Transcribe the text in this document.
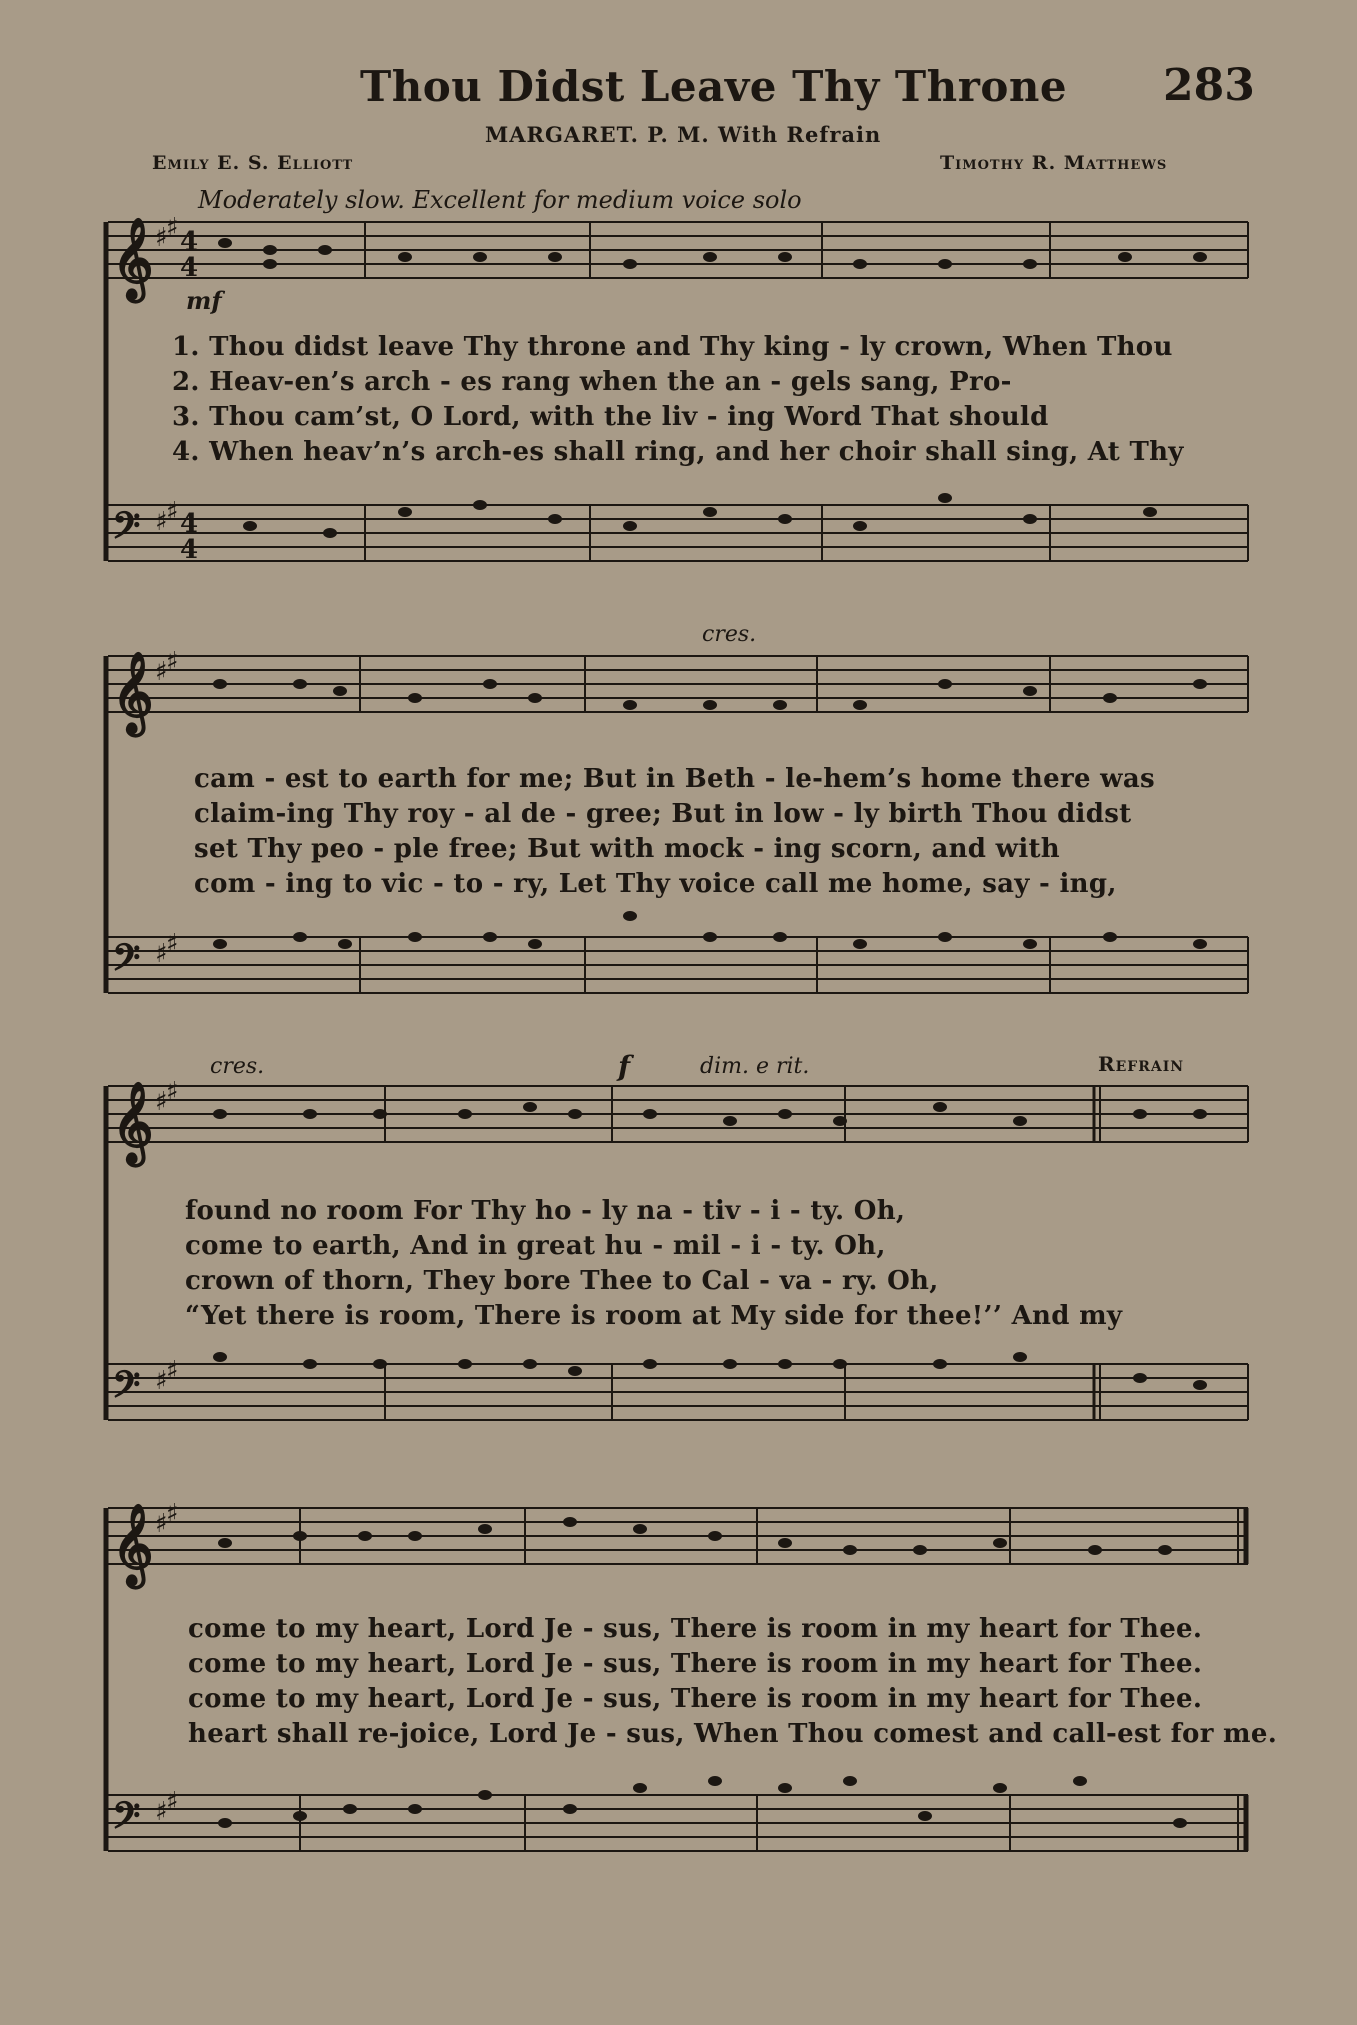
Thou Didst Leave Thy Throne 283
MARGARET. P. M. With Refrain
Emily E. S. Elliott	Timothy R. Matthews
Moderately slow. Excellent for medium voice solo
mf
cres.
cres.	f	dim. e rit.	Refrain
𝄞 ♯
♯ 4
4
𝄢 ♯
♯ 4
4
𝄞 ♯
♯
𝄢 ♯
♯
𝄞 ♯
♯
𝄢 ♯
♯
𝄞 ♯
♯
𝄢 ♯
♯
1. Thou didst leave Thy throne and Thy king - ly crown, When Thou
2. Heav-en’s arch - es rang when the an - gels sang, Pro-
3. Thou cam’st, O Lord, with the liv - ing Word That should
4. When heav’n’s arch-es shall ring, and her choir shall sing, At Thy
cam - est to earth for me; But in Beth - le-hem’s home there was
claim-ing Thy roy - al de - gree; But in low - ly birth Thou didst
set Thy peo - ple free; But with mock - ing scorn, and with
com - ing to vic - to - ry, Let Thy voice call me home, say - ing,
found no room For Thy ho - ly na - tiv - i - ty. Oh,
come to earth, And in great hu - mil - i - ty. Oh,
crown of thorn, They bore Thee to Cal - va - ry. Oh,
“Yet there is room, There is room at My side for thee!’’ And my
come to my heart, Lord Je - sus, There is room in my heart for Thee.
come to my heart, Lord Je - sus, There is room in my heart for Thee.
come to my heart, Lord Je - sus, There is room in my heart for Thee.
heart shall re-joice, Lord Je - sus, When Thou comest and call-est for me.
